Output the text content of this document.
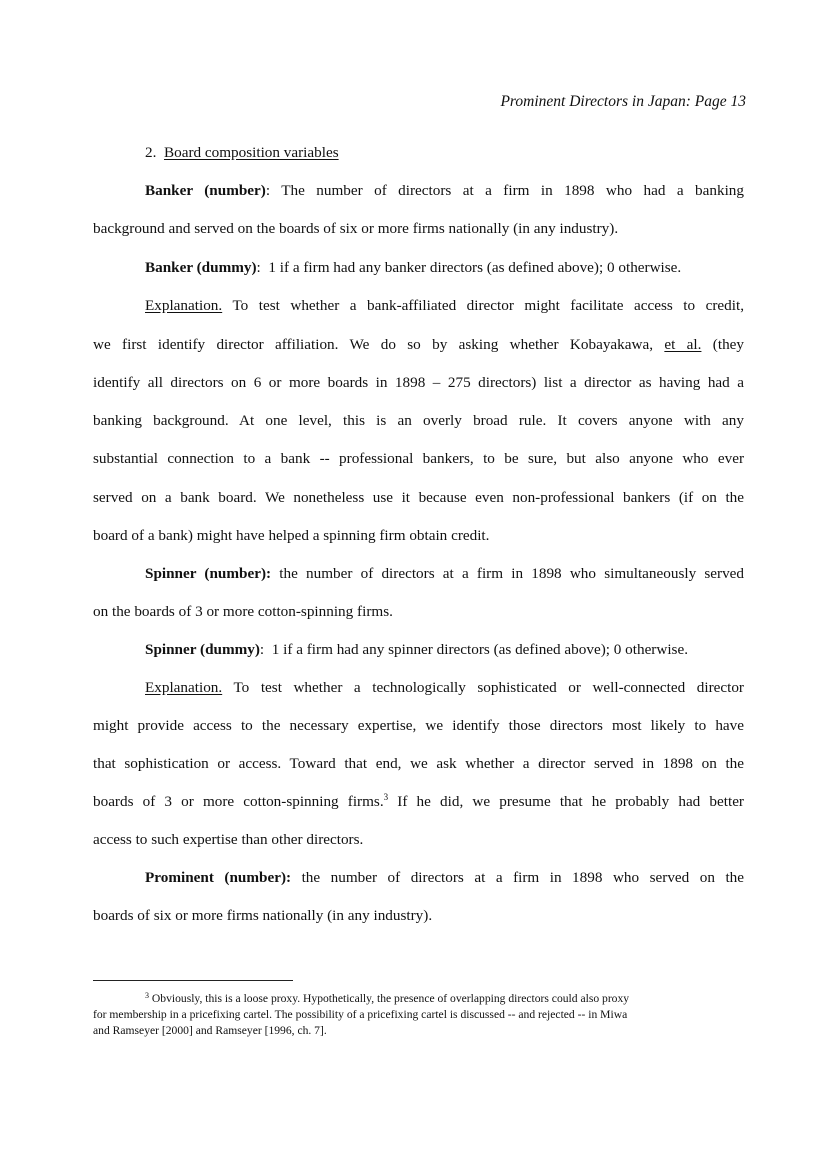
Prominent Directors in Japan: Page 13
2. Board composition variables
Banker (number): The number of directors at a firm in 1898 who had a banking
background and served on the boards of six or more firms nationally (in any industry).
Banker (dummy): 1 if a firm had any banker directors (as defined above); 0 otherwise.
Explanation. To test whether a bank-affiliated director might facilitate access to credit,
we first identify director affiliation. We do so by asking whether Kobayakawa, et al. (they
identify all directors on 6 or more boards in 1898 – 275 directors) list a director as having had a
banking background. At one level, this is an overly broad rule. It covers anyone with any
substantial connection to a bank -- professional bankers, to be sure, but also anyone who ever
served on a bank board. We nonetheless use it because even non-professional bankers (if on the
board of a bank) might have helped a spinning firm obtain credit.
Spinner (number): the number of directors at a firm in 1898 who simultaneously served
on the boards of 3 or more cotton-spinning firms.
Spinner (dummy): 1 if a firm had any spinner directors (as defined above); 0 otherwise.
Explanation. To test whether a technologically sophisticated or well-connected director
might provide access to the necessary expertise, we identify those directors most likely to have
that sophistication or access. Toward that end, we ask whether a director served in 1898 on the
boards of 3 or more cotton-spinning firms.$^3$ If he did, we presume that he probably had better
access to such expertise than other directors.
Prominent (number): the number of directors at a firm in 1898 who served on the
boards of six or more firms nationally (in any industry).
$^3$ Obviously, this is a loose proxy. Hypothetically, the presence of overlapping directors could also proxy
for membership in a pricefixing cartel. The possibility of a pricefixing cartel is discussed -- and rejected -- in Miwa
and Ramseyer [2000] and Ramseyer [1996, ch. 7].
